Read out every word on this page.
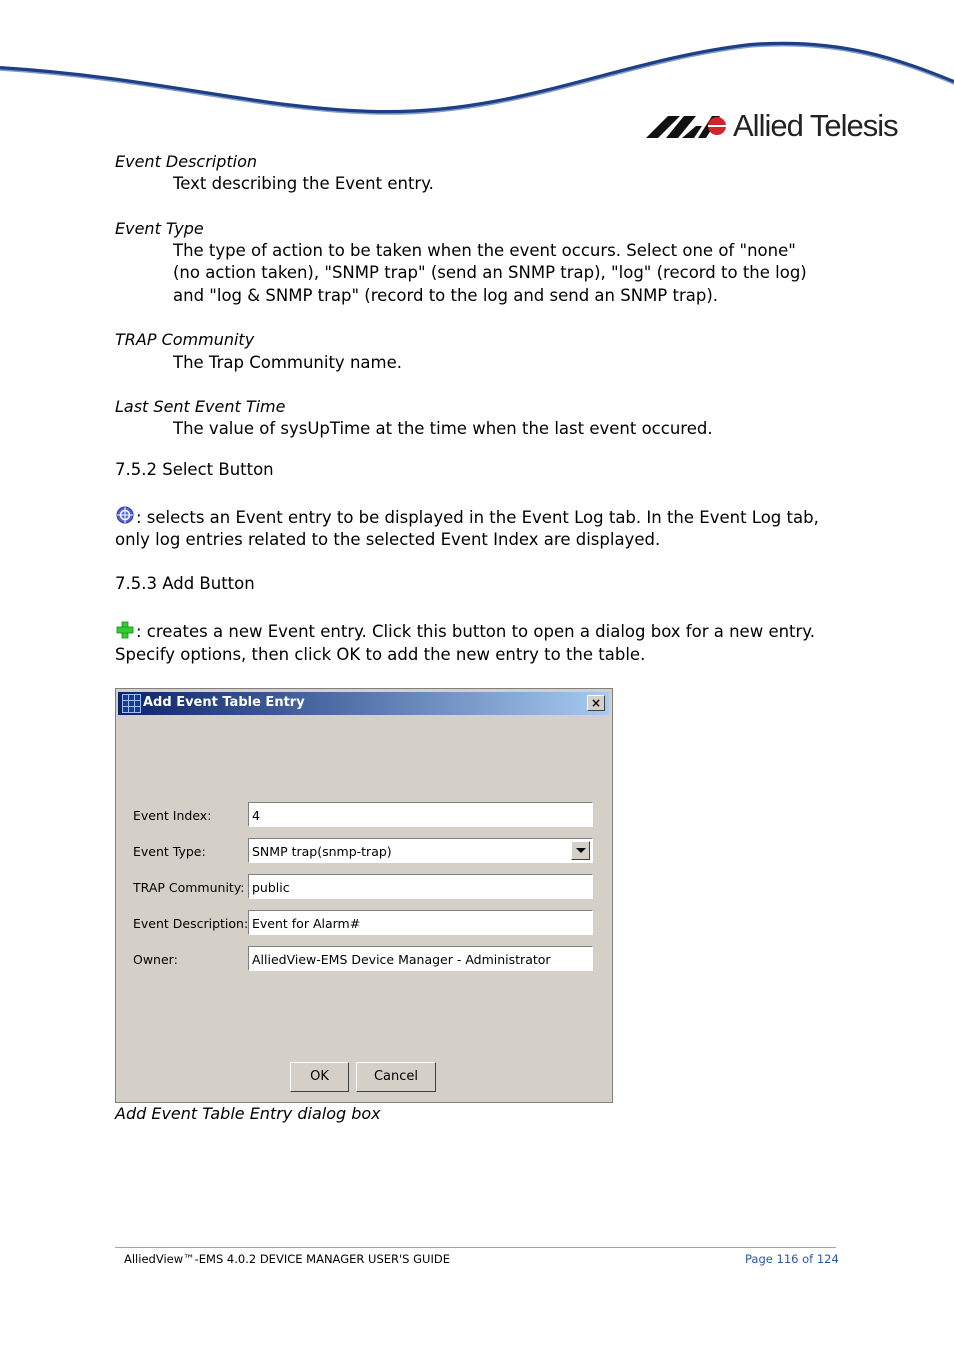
Allied Telesis
Event Description
Text describing the Event entry.
Event Type
The type of action to be taken when the event occurs. Select one of "none"
(no action taken), "SNMP trap" (send an SNMP trap), "log" (record to the log)
and "log & SNMP trap" (record to the log and send an SNMP trap).
TRAP Community
The Trap Community name.
Last Sent Event Time
The value of sysUpTime at the time when the last event occured.
7.5.2 Select Button
: selects an Event entry to be displayed in the Event Log tab. In the Event Log tab,
only log entries related to the selected Event Index are displayed.
7.5.3 Add Button
: creates a new Event entry. Click this button to open a dialog box for a new entry.
Specify options, then click OK to add the new entry to the table.
Add Event Table Entry	×
Event Index:	4
Event Type:	SNMP trap(snmp-trap)
TRAP Community: public
Event Description: Event for Alarm#
Owner:	AlliedView-EMS Device Manager - Administrator
OK	Cancel
Add Event Table Entry dialog box
AlliedView™-EMS 4.0.2 DEVICE MANAGER USER'S GUIDE	Page 116 of 124
